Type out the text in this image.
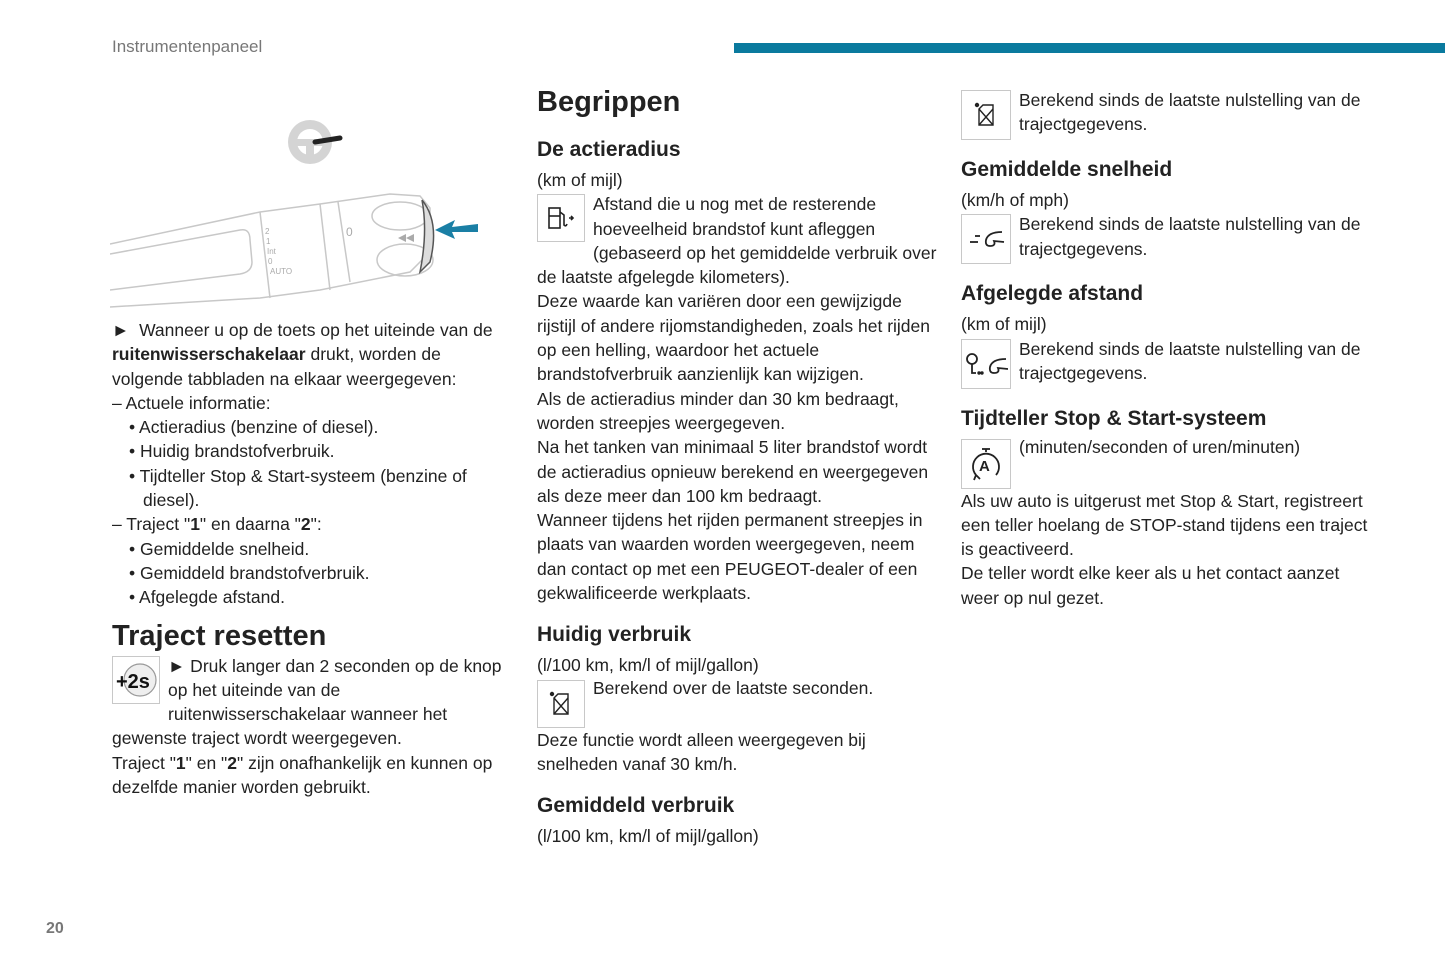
Instrumentenpaneel
2
1
Int
0
AUTO
0

► Wanneer u op de toets op het uiteinde van de ruitenwisserschakelaar drukt, worden de volgende tabbladen na elkaar weergegeven:

– Actuele informatie:

• Actieradius (benzine of diesel).

• Huidig brandstofverbruik.

• Tijdteller Stop & Start-systeem (benzine of diesel).

– Traject "1" en daarna "2":

• Gemiddelde snelheid.

• Gemiddeld brandstofverbruik.

• Afgelegde afstand.

Traject resetten
+2s

► Druk langer dan 2 seconden op de knop op het uiteinde van de ruitenwisserschakelaar wanneer het gewenste traject wordt weergegeven.

Traject "1" en "2" zijn onafhankelijk en kunnen op dezelfde manier worden gebruikt.

Begrippen
De actieradius

(km of mijl)

Afstand die u nog met de resterende hoeveelheid brandstof kunt afleggen (gebaseerd op het gemiddelde verbruik over de laatste afgelegde kilometers).

Deze waarde kan variëren door een gewijzigde rijstijl of andere rijomstandigheden, zoals het rijden op een helling, waardoor het actuele brandstofverbruik aanzienlijk kan wijzigen.

Als de actieradius minder dan 30 km bedraagt, worden streepjes weergegeven.

Na het tanken van minimaal 5 liter brandstof wordt de actieradius opnieuw berekend en weergegeven als deze meer dan 100 km bedraagt.

Wanneer tijdens het rijden permanent streepjes in plaats van waarden worden weergegeven, neem dan contact op met een PEUGEOT-dealer of een gekwalificeerde werkplaats.

Huidig verbruik

(l/100 km, km/l of mijl/gallon)

Berekend over de laatste seconden.

Deze functie wordt alleen weergegeven bij snelheden vanaf 30 km/h.

Gemiddeld verbruik

(l/100 km, km/l of mijl/gallon)

Berekend sinds de laatste nulstelling van de trajectgegevens.

Gemiddelde snelheid

(km/h of mph)

Berekend sinds de laatste nulstelling van de trajectgegevens.

Afgelegde afstand

(km of mijl)

Berekend sinds de laatste nulstelling van de trajectgegevens.

Tijdteller Stop & Start-systeem
A

(minuten/seconden of uren/minuten)

Als uw auto is uitgerust met Stop & Start, registreert een teller hoelang de STOP-stand tijdens een traject is geactiveerd.

De teller wordt elke keer als u het contact aanzet weer op nul gezet.

20
